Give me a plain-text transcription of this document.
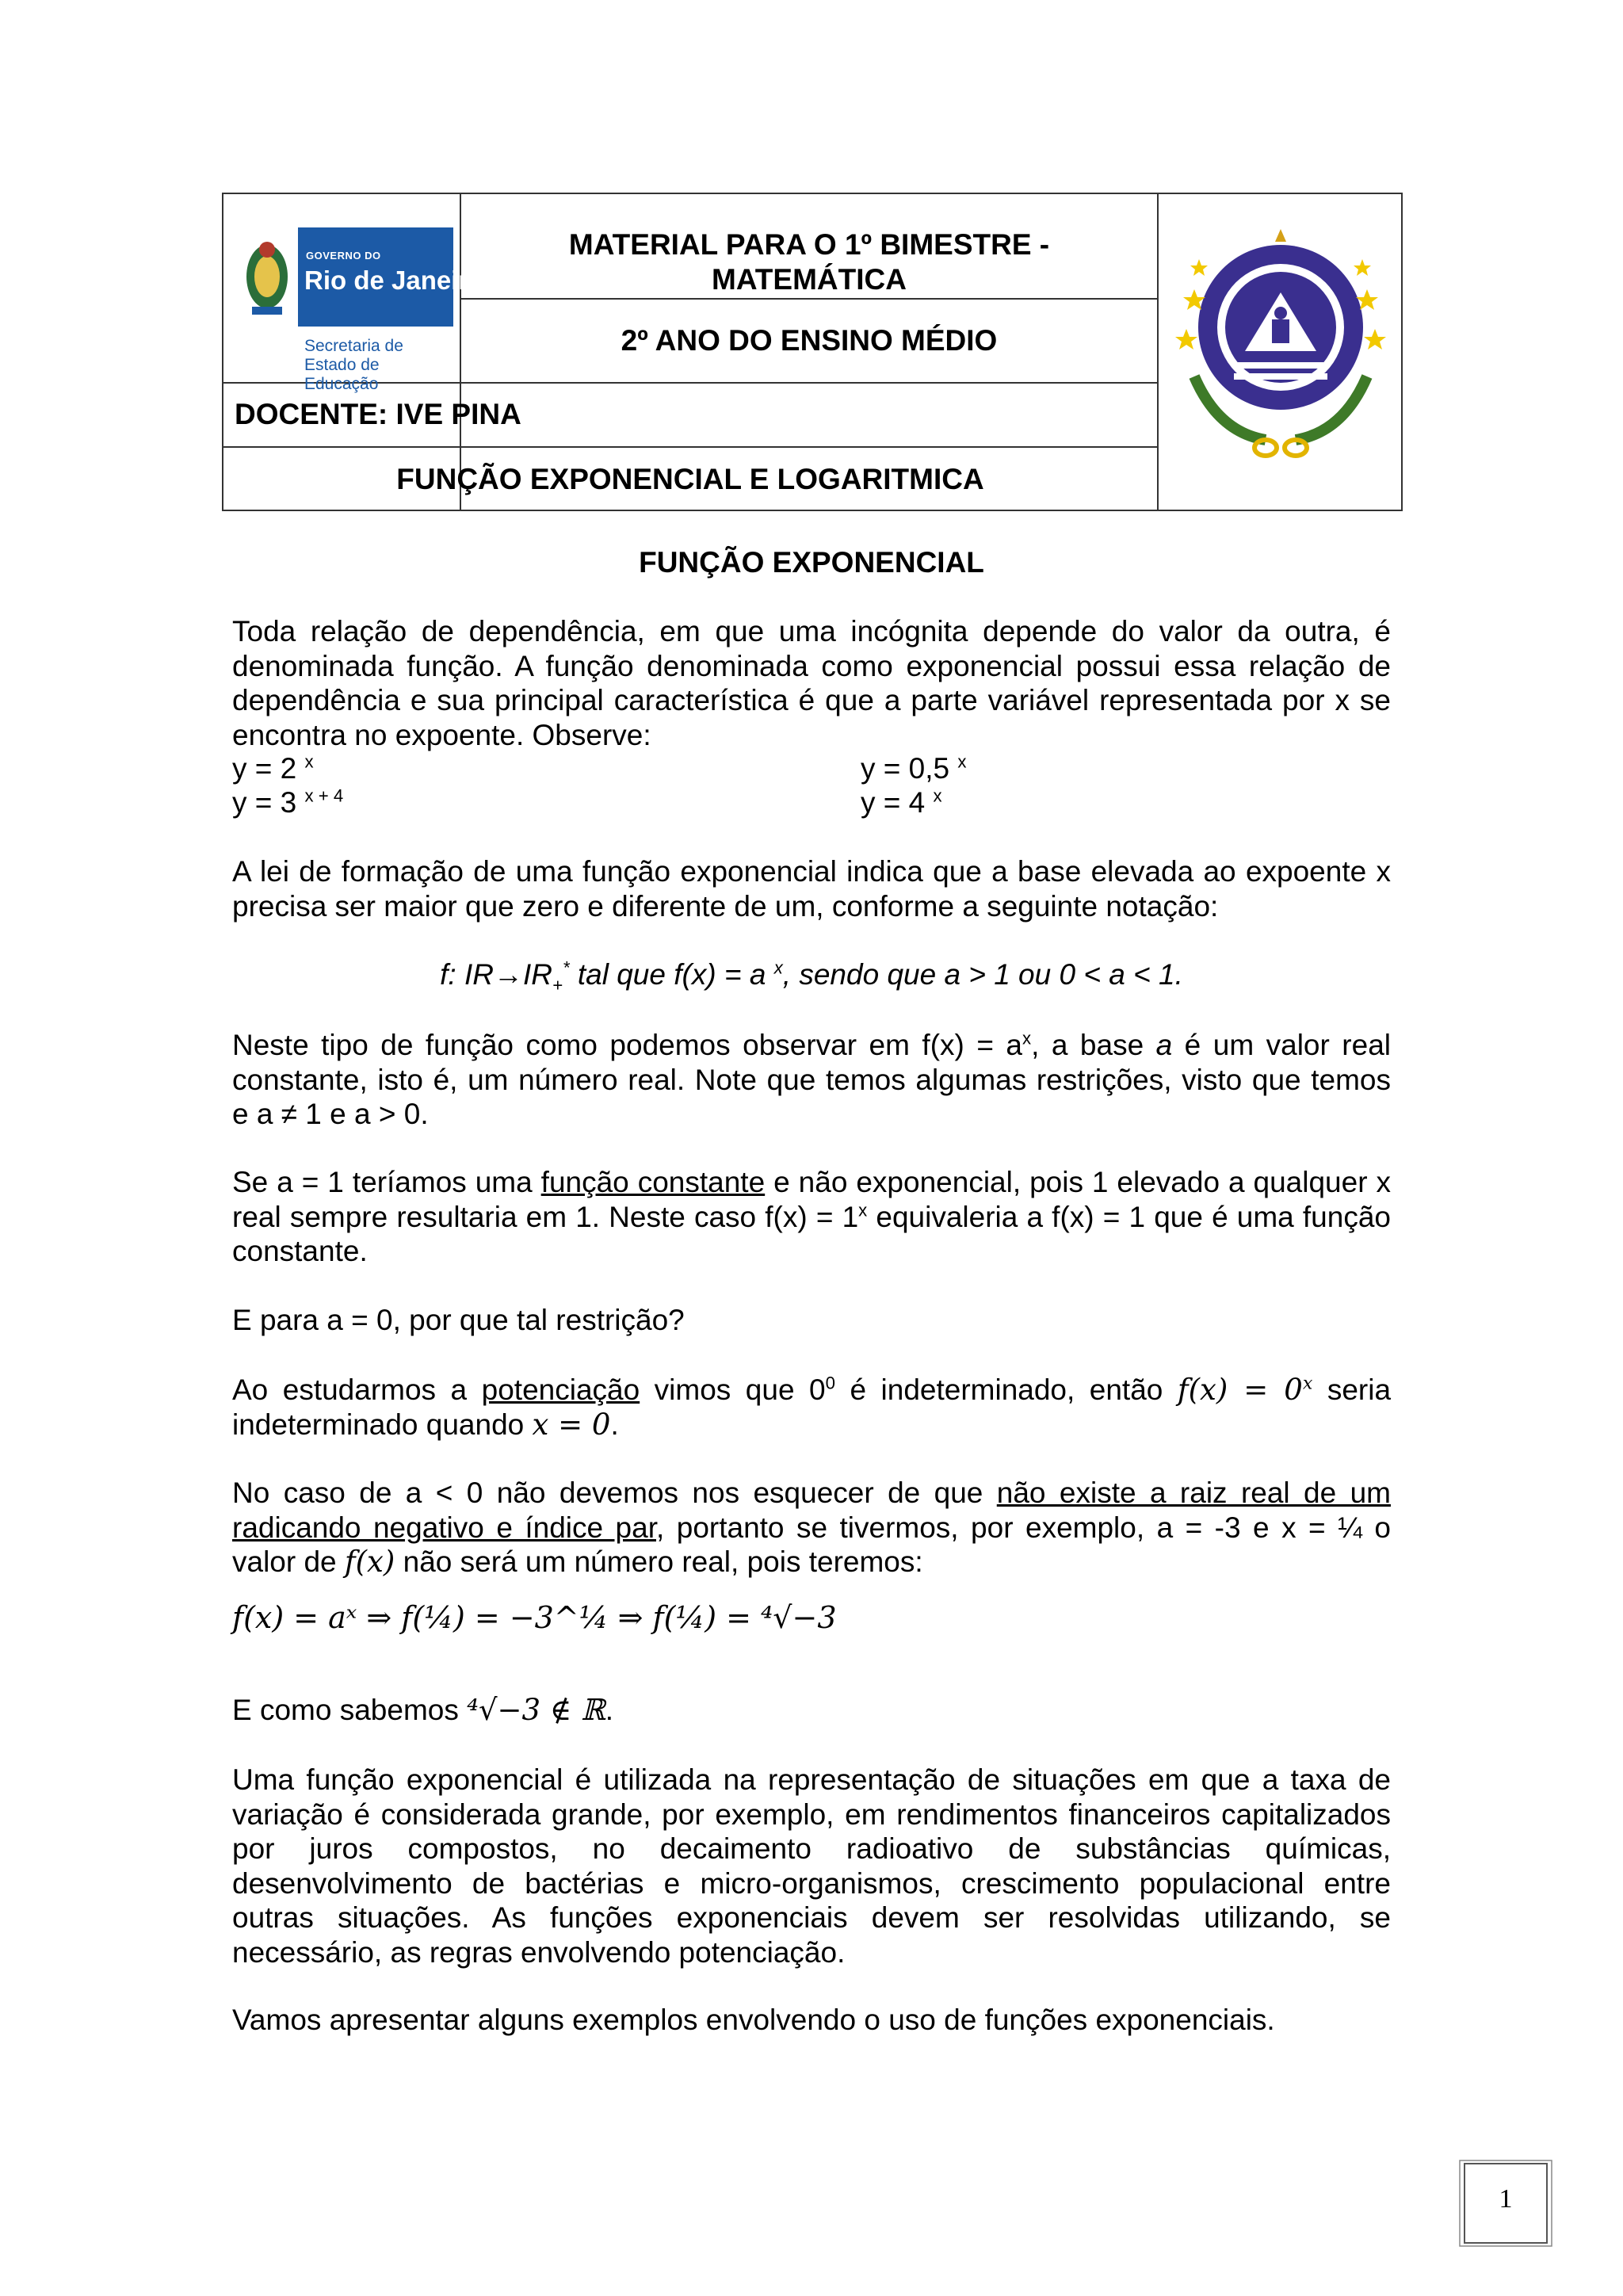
GOVERNO DO
Rio de Janeiro
Secretaria de
Estado de Educação
MATERIAL PARA O 1º BIMESTRE -
MATEMÁTICA
2º ANO DO ENSINO MÉDIO
DOCENTE: IVE PINA
FUNÇÃO EXPONENCIAL E LOGARITMICA

FUNÇÃO EXPONENCIAL

Toda relação de dependência, em que uma incógnita depende do valor da outra, é denominada função. A função denominada como exponencial possui essa relação de dependência e sua principal característica é que a parte variável representada por x se encontra no expoente. Observe:

y = 2 $^x$	y = 0,5 $^x$
y = 3 $^{x + 4}$	y = 4 $^x$

A lei de formação de uma função exponencial indica que a base elevada ao expoente x precisa ser maior que zero e diferente de um, conforme a seguinte notação:

f: $IR\to IR_+^*$ tal que f(x) = a $^x$, sendo que a > 1 ou 0 < a < 1.

Neste tipo de função como podemos observar em $f(x) = a^x$, a base a é um valor real constante, isto é, um número real. Note que temos algumas restrições, visto que temos e a ≠ 1 e a > 0.

Se a = 1 teríamos uma função constante e não exponencial, pois 1 elevado a qualquer x real sempre resultaria em 1. Neste caso $f(x) = 1^x$ equivaleria a f(x) = 1 que é uma função constante.

E para a = 0, por que tal restrição?

Ao estudarmos a potenciação vimos que $0^0$ é indeterminado, então $f(x) = 0^x$ seria indeterminado quando x = 0.

No caso de a < 0 não devemos nos esquecer de que não existe a raiz real de um radicando negativo e índice par, portanto se tivermos, por exemplo, a = -3 e x = ¼ o valor de f(x) não será um número real, pois teremos:

f(x) = aˣ ⇒ f(¼) = −3^¼ ⇒ f(¼) = ⁴√−3

E como sabemos ⁴√−3 ∉ ℝ.

Uma função exponencial é utilizada na representação de situações em que a taxa de variação é considerada grande, por exemplo, em rendimentos financeiros capitalizados por juros compostos, no decaimento radioativo de substâncias químicas, desenvolvimento de bactérias e micro-organismos, crescimento populacional entre outras situações. As funções exponenciais devem ser resolvidas utilizando, se necessário, as regras envolvendo potenciação.

Vamos apresentar alguns exemplos envolvendo o uso de funções exponenciais.

1
